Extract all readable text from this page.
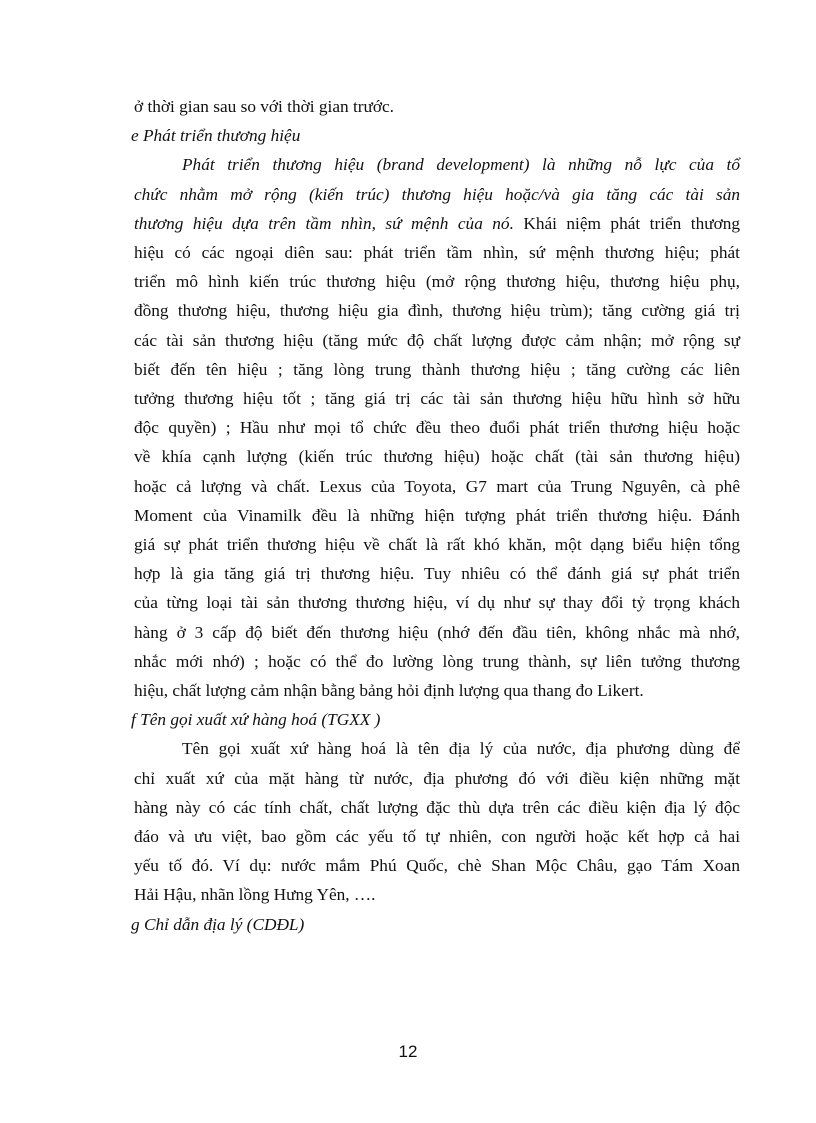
ở thời gian sau so với thời gian trước.
e Phát triển thương hiệu
Phát triển thương hiệu (brand development) là những nỗ lực của tổ
chức nhằm mở rộng (kiến trúc) thương hiệu hoặc/và gia tăng các tài sản
thương hiệu dựa trên tầm nhìn, sứ mệnh của nó. Khái niệm phát triển thương
hiệu có các ngoại diên sau: phát triển tầm nhìn, sứ mệnh thương hiệu; phát
triển mô hình kiến trúc thương hiệu (mở rộng thương hiệu, thương hiệu phụ,
đồng thương hiệu, thương hiệu gia đình, thương hiệu trùm); tăng cường giá trị
các tài sản thương hiệu (tăng mức độ chất lượng được cảm nhận; mở rộng sự
biết đến tên hiệu ; tăng lòng trung thành thương hiệu ; tăng cường các liên
tưởng thương hiệu tốt ; tăng giá trị các tài sản thương hiệu hữu hình sở hữu
độc quyền) ; Hầu như mọi tổ chức đều theo đuổi phát triển thương hiệu hoặc
về khía cạnh lượng (kiến trúc thương hiệu) hoặc chất (tài sản thương hiệu)
hoặc cả lượng và chất. Lexus của Toyota, G7 mart của Trung Nguyên, cà phê
Moment của Vinamilk đều là những hiện tượng phát triển thương hiệu. Đánh
giá sự phát triển thương hiệu về chất là rất khó khăn, một dạng biểu hiện tổng
hợp là gia tăng giá trị thương hiệu. Tuy nhiêu có thể đánh giá sự phát triển
của từng loại tài sản thương thương hiệu, ví dụ như sự thay đổi tỷ trọng khách
hàng ở 3 cấp độ biết đến thương hiệu (nhớ đến đầu tiên, không nhắc mà nhớ,
nhắc mới nhớ) ; hoặc có thể đo lường lòng trung thành, sự liên tưởng thương
hiệu, chất lượng cảm nhận bằng bảng hỏi định lượng qua thang đo Likert.
f Tên gọi xuất xứ hàng hoá (TGXX )
Tên gọi xuất xứ hàng hoá là tên địa lý của nước, địa phương dùng để
chỉ xuất xứ của mặt hàng từ nước, địa phương đó với điều kiện những mặt
hàng này có các tính chất, chất lượng đặc thù dựa trên các điều kiện địa lý độc
đáo và ưu việt, bao gồm các yếu tố tự nhiên, con người hoặc kết hợp cả hai
yếu tố đó. Ví dụ: nước mắm Phú Quốc, chè Shan Mộc Châu, gạo Tám Xoan
Hải Hậu, nhãn lồng Hưng Yên, ….
g Chỉ dẫn địa lý (CDĐL)
12
